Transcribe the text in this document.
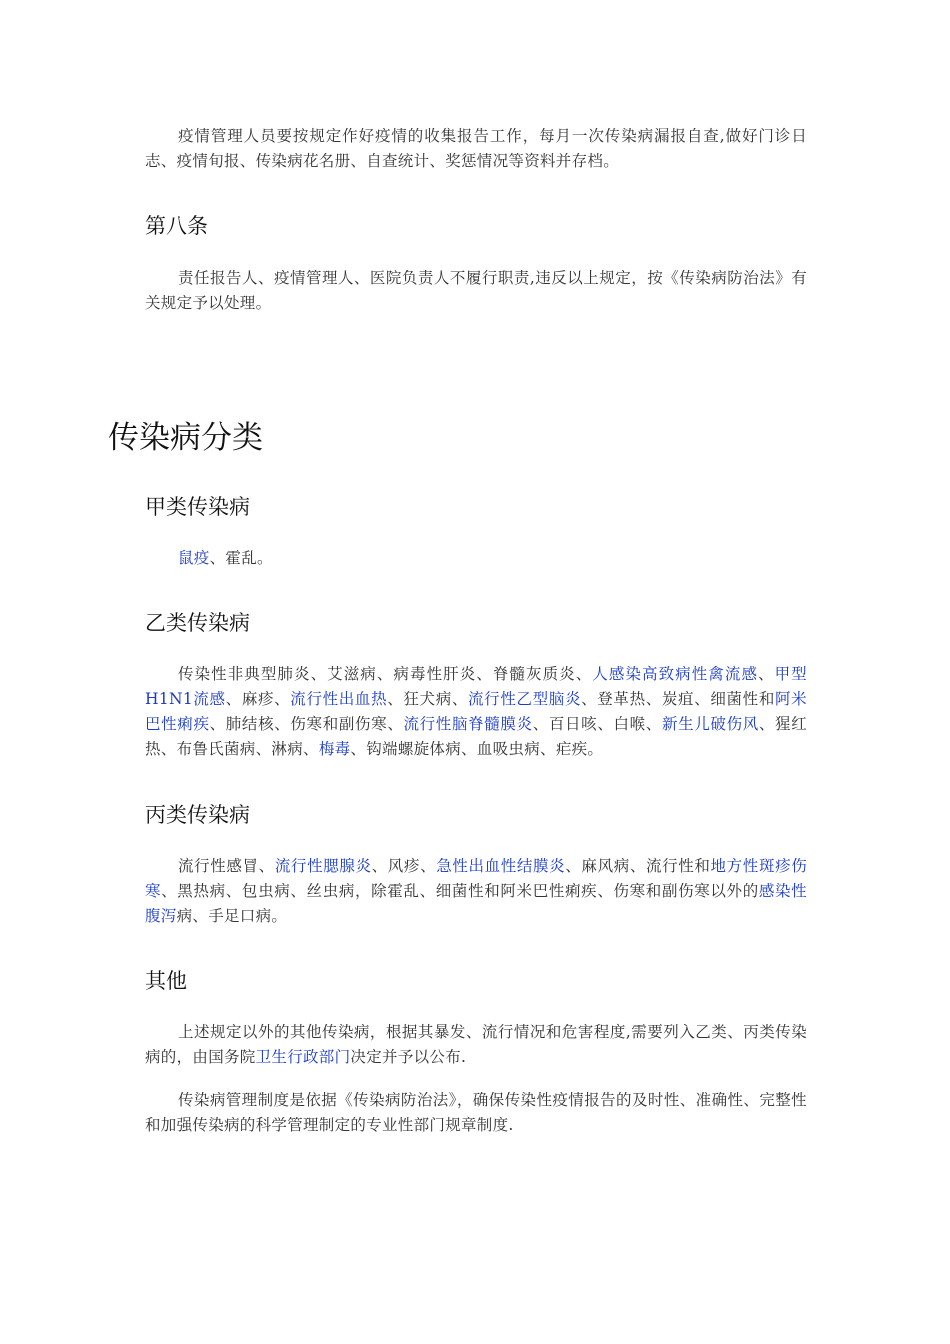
疫情管理人员要按规定作好疫情的收集报告工作，每月一次传染病漏报自查,做好门诊日志、疫情旬报、传染病花名册、自查统计、奖惩情况等资料并存档。

第八条

责任报告人、疫情管理人、医院负责人不履行职责,违反以上规定，按《传染病防治法》有关规定予以处理。

传染病分类
甲类传染病

鼠疫、霍乱。

乙类传染病

传染性非典型肺炎、艾滋病、病毒性肝炎、脊髓灰质炎、人感染高致病性禽流感、甲型H1N1流感、麻疹、流行性出血热、狂犬病、流行性乙型脑炎、登革热、炭疽、细菌性和阿米巴性痢疾、肺结核、伤寒和副伤寒、流行性脑脊髓膜炎、百日咳、白喉、新生儿破伤风、猩红热、布鲁氏菌病、淋病、梅毒、钩端螺旋体病、血吸虫病、疟疾。

丙类传染病

流行性感冒、流行性腮腺炎、风疹、急性出血性结膜炎、麻风病、流行性和地方性斑疹伤寒、黑热病、包虫病、丝虫病，除霍乱、细菌性和阿米巴性痢疾、伤寒和副伤寒以外的感染性腹泻病、手足口病。

其他

上述规定以外的其他传染病，根据其暴发、流行情况和危害程度,需要列入乙类、丙类传染病的，由国务院卫生行政部门决定并予以公布.

传染病管理制度是依据《传染病防治法》，确保传染性疫情报告的及时性、准确性、完整性和加强传染病的科学管理制定的专业性部门规章制度.
